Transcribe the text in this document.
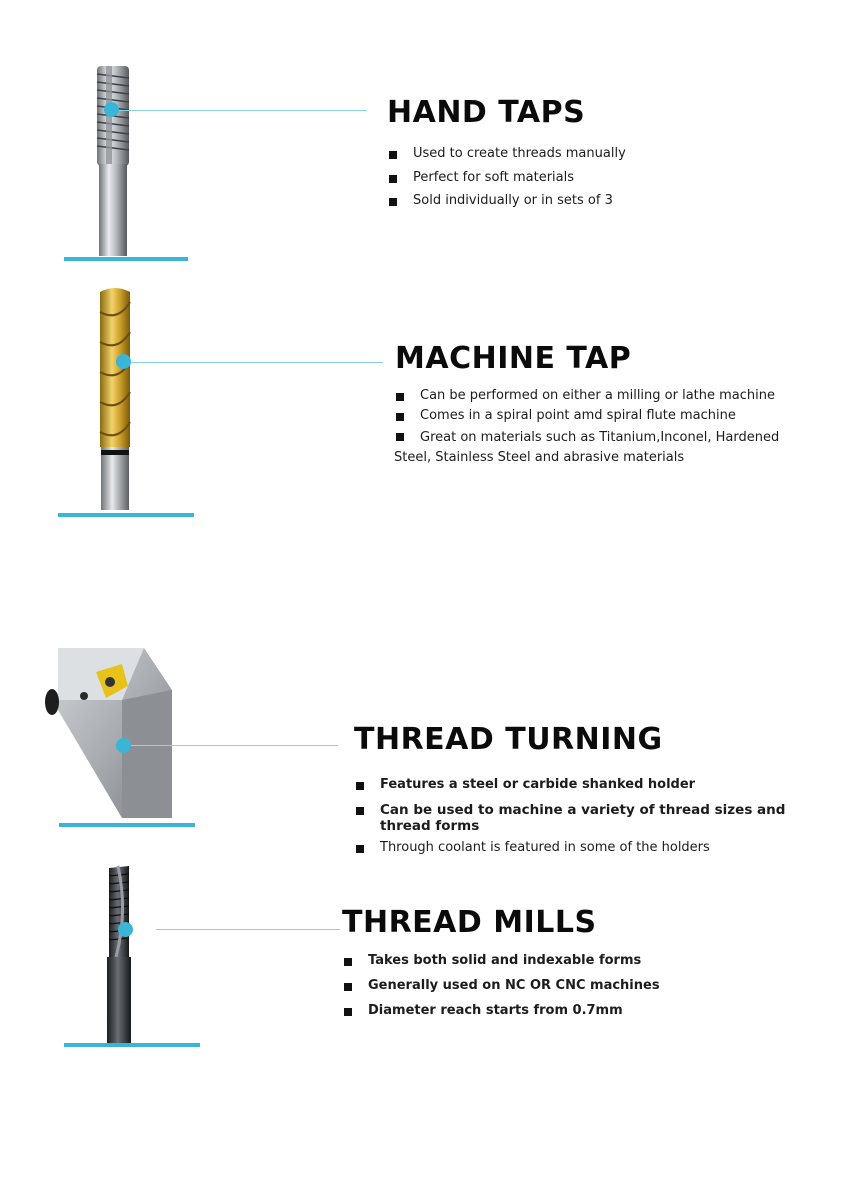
HAND TAPS
Used to create threads manually
Perfect for soft materials
Sold individually or in sets of 3
MACHINE TAP
Can be performed on either a milling or lathe machine
Comes in a spiral point amd spiral flute machine
Great on materials such as Titanium,Inconel, Hardened Steel, Stainless Steel and abrasive materials
THREAD TURNING
Features a steel or carbide shanked holder
Can be used to machine a variety of thread sizes and thread forms
Through coolant is featured in some of the holders
THREAD MILLS
Takes both solid and indexable forms
Generally used on NC OR CNC machines
Diameter reach starts from 0.7mm
